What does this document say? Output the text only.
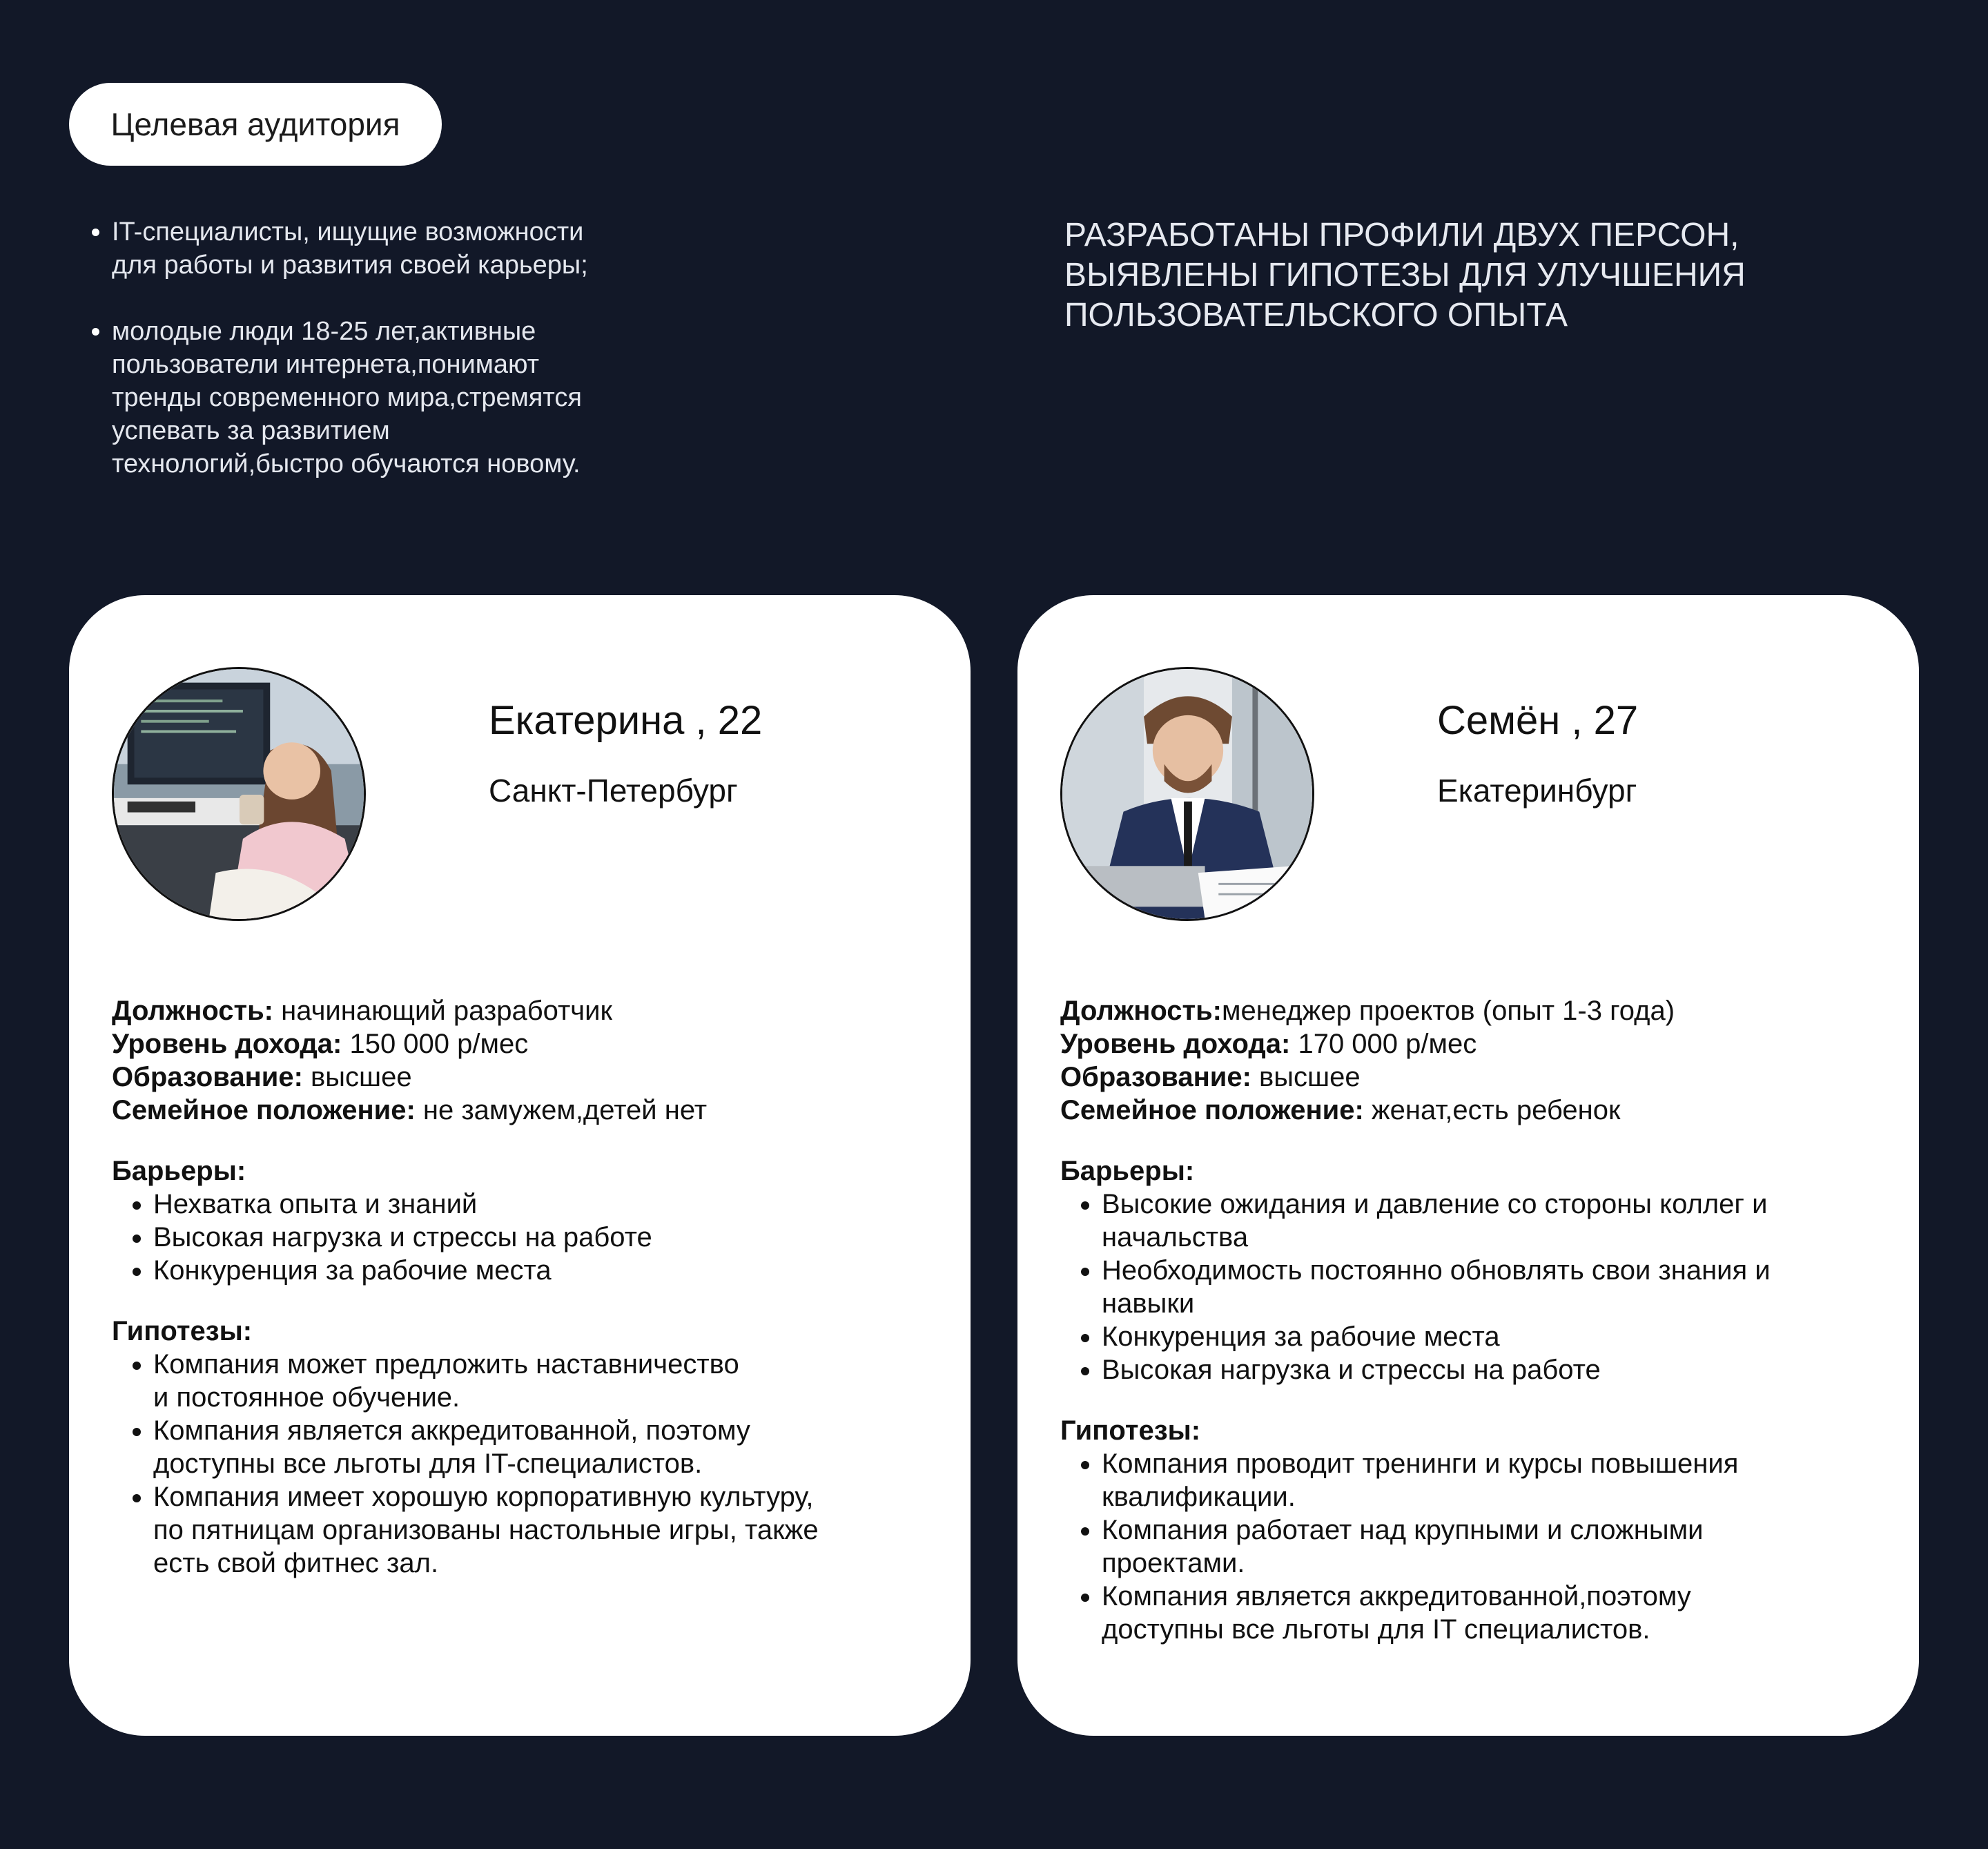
Целевая аудитория
• IT-специалисты, ищущие возможности
для работы и развития своей карьеры;
• молодые люди 18-25 лет,активные
пользователи интернета,понимают
тренды современного мира,стремятся
успевать за развитием
технологий,быстро обучаются новому.
РАЗРАБОТАНЫ ПРОФИЛИ ДВУХ ПЕРСОН,
ВЫЯВЛЕНЫ ГИПОТЕЗЫ ДЛЯ УЛУЧШЕНИЯ
ПОЛЬЗОВАТЕЛЬСКОГО ОПЫТА
Екатерина , 22
Санкт-Петербург
Должность: начинающий разработчик
Уровень дохода: 150 000 р/мес
Образование: высшее
Семейное положение: не замужем,детей нет
Барьеры:
• Нехватка опыта и знаний
• Высокая нагрузка и стрессы на работе
• Конкуренция за рабочие места
Гипотезы:
• Компания может предложить наставничество
и постоянное обучение.
• Компания является аккредитованной, поэтому
доступны все льготы для IT-специалистов.
• Компания имеет хорошую корпоративную культуру,
по пятницам организованы настольные игры, также
есть свой фитнес зал.
Семён , 27
Екатеринбург
Должность:менеджер проектов (опыт 1-3 года)
Уровень дохода: 170 000 р/мес
Образование: высшее
Семейное положение: женат,есть ребенок
Барьеры:
• Высокие ожидания и давление со стороны коллег и
начальства
• Необходимость постоянно обновлять свои знания и
навыки
• Конкуренция за рабочие места
• Высокая нагрузка и стрессы на работе
Гипотезы:
• Компания проводит тренинги и курсы повышения
квалификации.
• Компания работает над крупными и сложными
проектами.
• Компания является аккредитованной,поэтому
доступны все льготы для IT специалистов.
